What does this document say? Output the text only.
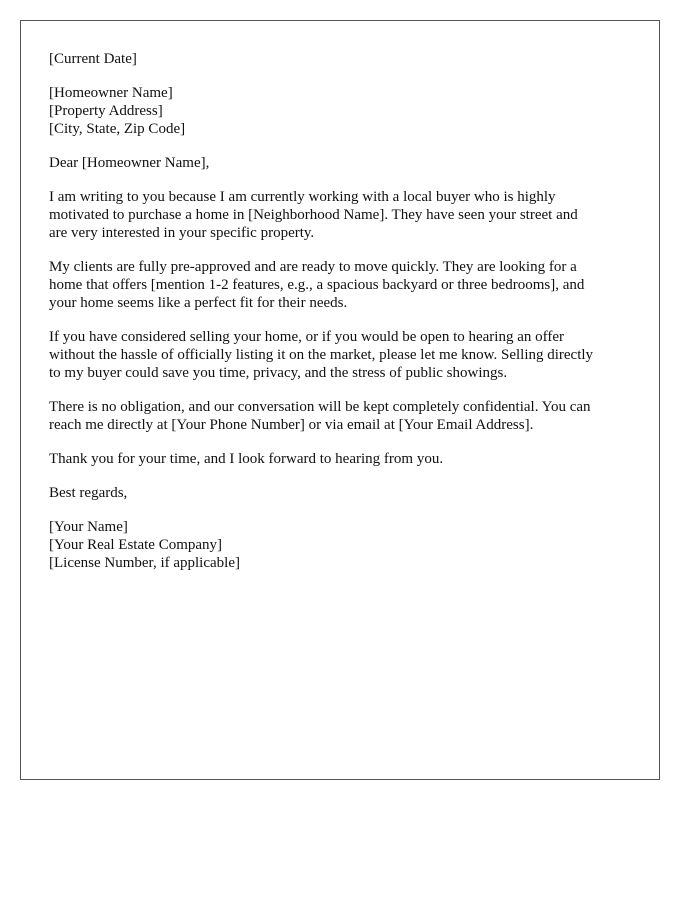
[Current Date]
[Homeowner Name]
[Property Address]
[City, State, Zip Code]
Dear [Homeowner Name],
I am writing to you because I am currently working with a local buyer who is highly
motivated to purchase a home in [Neighborhood Name]. They have seen your street and
are very interested in your specific property.
My clients are fully pre-approved and are ready to move quickly. They are looking for a
home that offers [mention 1-2 features, e.g., a spacious backyard or three bedrooms], and
your home seems like a perfect fit for their needs.
If you have considered selling your home, or if you would be open to hearing an offer
without the hassle of officially listing it on the market, please let me know. Selling directly
to my buyer could save you time, privacy, and the stress of public showings.
There is no obligation, and our conversation will be kept completely confidential. You can
reach me directly at [Your Phone Number] or via email at [Your Email Address].
Thank you for your time, and I look forward to hearing from you.
Best regards,
[Your Name]
[Your Real Estate Company]
[License Number, if applicable]
